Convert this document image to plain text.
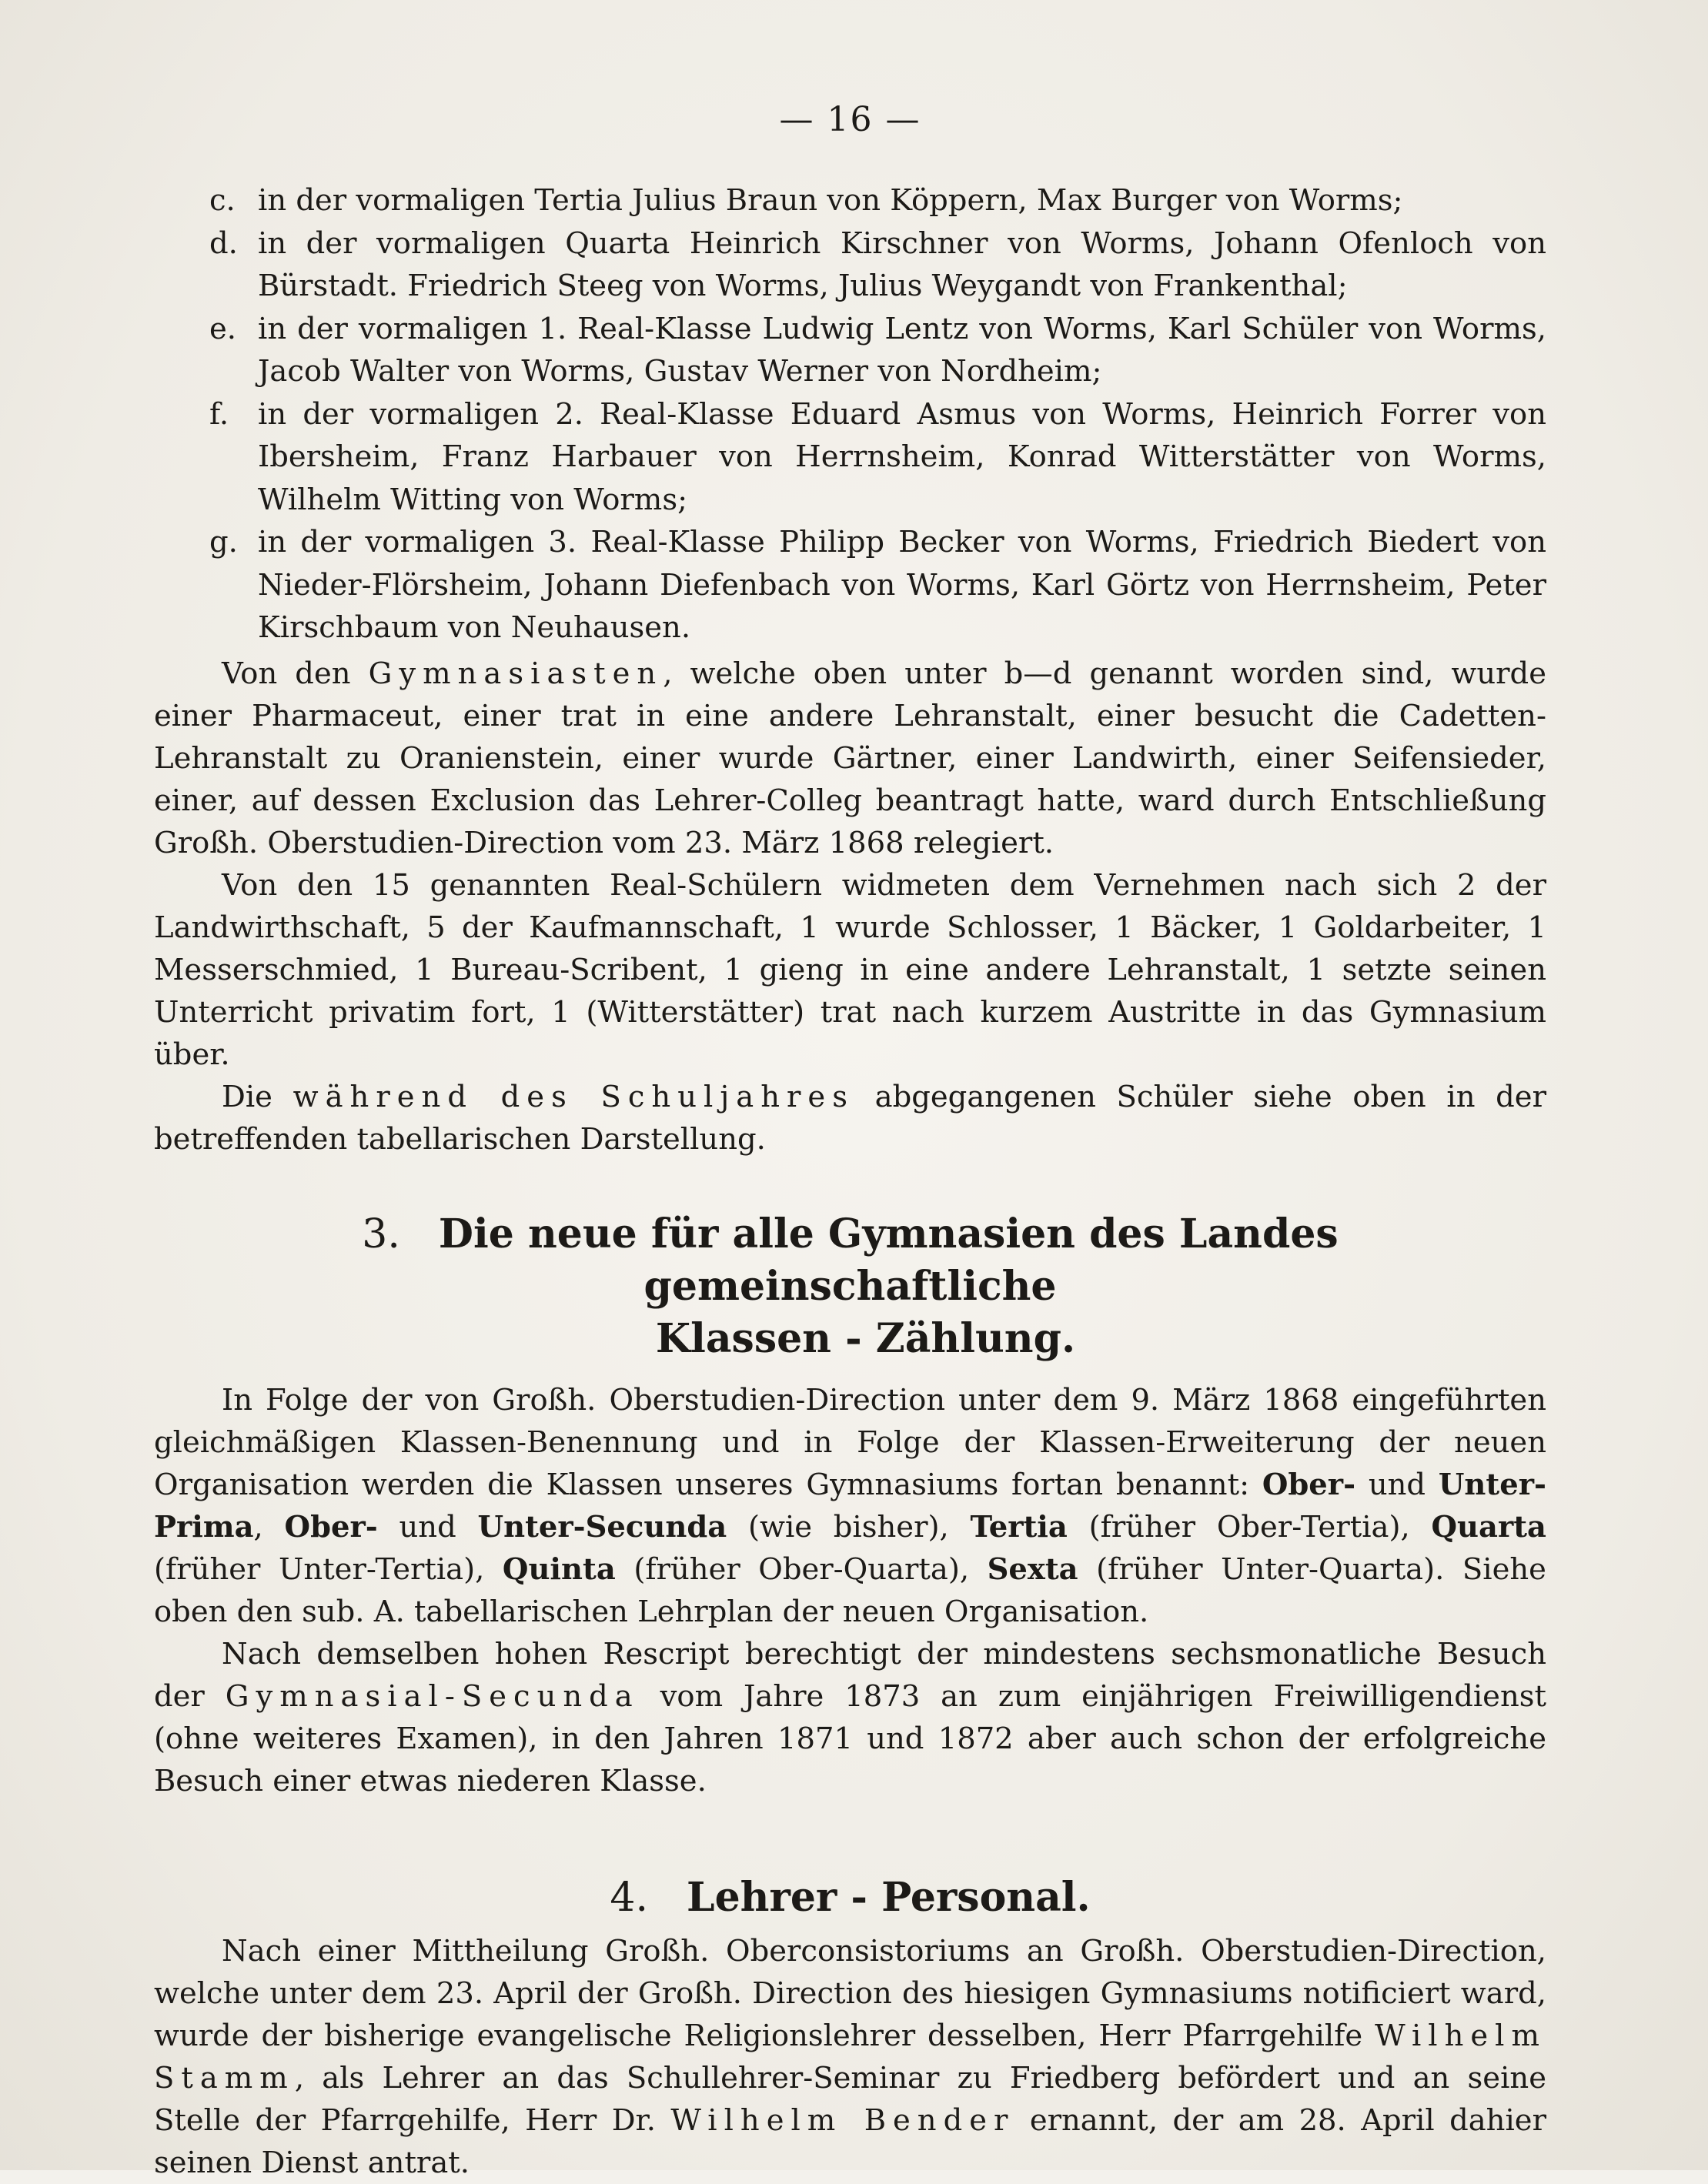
— 16 —
c. in der vormaligen Tertia Julius Braun von Köppern, Max Burger von Worms;
d. in der vormaligen Quarta Heinrich Kirschner von Worms, Johann Ofenloch von Bürstadt. Friedrich Steeg von Worms, Julius Weygandt von Frankenthal;
e. in der vormaligen 1. Real-Klasse Ludwig Lentz von Worms, Karl Schüler von Worms, Jacob Walter von Worms, Gustav Werner von Nordheim;
f. in der vormaligen 2. Real-Klasse Eduard Asmus von Worms, Heinrich Forrer von Ibersheim, Franz Harbauer von Herrnsheim, Konrad Witterstätter von Worms, Wilhelm Witting von Worms;
g. in der vormaligen 3. Real-Klasse Philipp Becker von Worms, Friedrich Biedert von Nieder-Flörsheim, Johann Diefenbach von Worms, Karl Görtz von Herrnsheim, Peter Kirschbaum von Neuhausen.

Von den Gymnasiasten, welche oben unter b—d genannt worden sind, wurde einer Pharmaceut, einer trat in eine andere Lehranstalt, einer besucht die Cadetten-Lehranstalt zu Oranienstein, einer wurde Gärtner, einer Landwirth, einer Seifensieder, einer, auf dessen Exclusion das Lehrer-Colleg beantragt hatte, ward durch Entschließung Großh. Oberstudien-Direction vom 23. März 1868 relegiert.

Von den 15 genannten Real-Schülern widmeten dem Vernehmen nach sich 2 der Landwirthschaft, 5 der Kaufmannschaft, 1 wurde Schlosser, 1 Bäcker, 1 Goldarbeiter, 1 Messerschmied, 1 Bureau-Scribent, 1 gieng in eine andere Lehranstalt, 1 setzte seinen Unterricht privatim fort, 1 (Witterstätter) trat nach kurzem Austritte in das Gymnasium über.

Die während des Schuljahres abgegangenen Schüler siehe oben in der betreffenden tabellarischen Darstellung.

3. Die neue für alle Gymnasien des Landes gemeinschaftliche
Klassen - Zählung.

In Folge der von Großh. Oberstudien-Direction unter dem 9. März 1868 eingeführten gleichmäßigen Klassen-Benennung und in Folge der Klassen-Erweiterung der neuen Organisation werden die Klassen unseres Gymnasiums fortan benannt: Ober- und Unter-Prima, Ober- und Unter-Secunda (wie bisher), Tertia (früher Ober-Tertia), Quarta (früher Unter-Tertia), Quinta (früher Ober-Quarta), Sexta (früher Unter-Quarta). Siehe oben den sub. A. tabellarischen Lehrplan der neuen Organisation.

Nach demselben hohen Rescript berechtigt der mindestens sechsmonatliche Besuch der Gymnasial-Secunda vom Jahre 1873 an zum einjährigen Freiwilligendienst (ohne weiteres Examen), in den Jahren 1871 und 1872 aber auch schon der erfolgreiche Besuch einer etwas niederen Klasse.

4. Lehrer - Personal.

Nach einer Mittheilung Großh. Oberconsistoriums an Großh. Oberstudien-Direction, welche unter dem 23. April der Großh. Direction des hiesigen Gymnasiums notificiert ward, wurde der bisherige evangelische Religionslehrer desselben, Herr Pfarrgehilfe Wilhelm Stamm, als Lehrer an das Schullehrer-Seminar zu Friedberg befördert und an seine Stelle der Pfarrgehilfe, Herr Dr. Wilhelm Bender ernannt, der am 28. April dahier seinen Dienst antrat.
